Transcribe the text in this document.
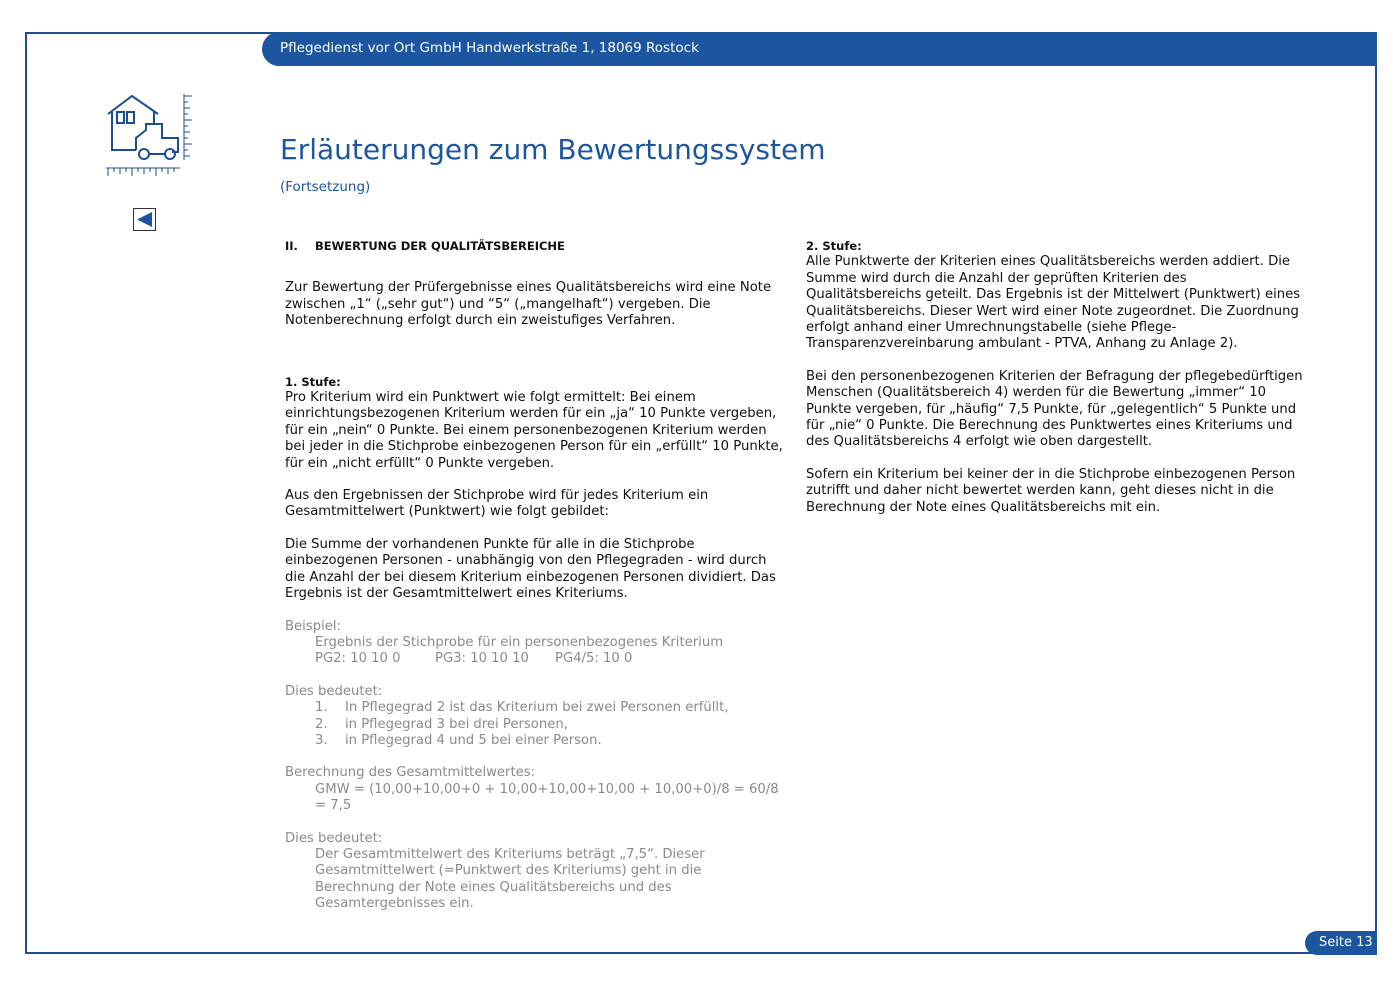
Pflegedienst vor Ort GmbH Handwerkstraße 1, 18069 Rostock
Erläuterungen zum Bewertungssystem
(Fortsetzung)

II. BEWERTUNG DER QUALITÄTSBEREICHE

Zur Bewertung der Prüfergebnisse eines Qualitätsbereichs wird eine Note zwischen „1“ („sehr gut“) und “5“ („mangelhaft“) vergeben. Die Notenberechnung erfolgt durch ein zweistufiges Verfahren.

1. Stufe:

Pro Kriterium wird ein Punktwert wie folgt ermittelt: Bei einem einrichtungsbezogenen Kriterium werden für ein „ja“ 10 Punkte vergeben, für ein „nein“ 0 Punkte. Bei einem personenbezogenen Kriterium werden bei jeder in die Stichprobe einbezogenen Person für ein „erfüllt“ 10 Punkte, für ein „nicht erfüllt“ 0 Punkte vergeben.

Aus den Ergebnissen der Stichprobe wird für jedes Kriterium ein Gesamtmittelwert (Punktwert) wie folgt gebildet:

Die Summe der vorhandenen Punkte für alle in die Stichprobe einbezogenen Personen - unabhängig von den Pflegegraden - wird durch die Anzahl der bei diesem Kriterium einbezogenen Personen dividiert. Das Ergebnis ist der Gesamtmittelwert eines Kriteriums.

Beispiel:

Ergebnis der Stichprobe für ein personenbezogenes Kriterium

PG2: 10 10 0	PG3: 10 10 10 PG4/5: 10 0

Dies bedeutet:

1. In Pflegegrad 2 ist das Kriterium bei zwei Personen erfüllt,
2. in Pflegegrad 3 bei drei Personen,
3. in Pflegegrad 4 und 5 bei einer Person.

Berechnung des Gesamtmittelwertes:

GMW = (10,00+10,00+0 + 10,00+10,00+10,00 + 10,00+0)/8 = 60/8 = 7,5

Dies bedeutet:

Der Gesamtmittelwert des Kriteriums beträgt „7,5“. Dieser Gesamtmittelwert (=Punktwert des Kriteriums) geht in die Berechnung der Note eines Qualitätsbereichs und des Gesamtergebnisses ein.

2. Stufe:

Alle Punktwerte der Kriterien eines Qualitätsbereichs werden addiert. Die Summe wird durch die Anzahl der geprüften Kriterien des Qualitätsbereichs geteilt. Das Ergebnis ist der Mittelwert (Punktwert) eines Qualitätsbereichs. Dieser Wert wird einer Note zugeordnet. Die Zuordnung erfolgt anhand einer Umrechnungstabelle (siehe Pflege-Transparenzvereinbarung ambulant - PTVA, Anhang zu Anlage 2).

Bei den personenbezogenen Kriterien der Befragung der pflegebedürftigen Menschen (Qualitätsbereich 4) werden für die Bewertung „immer“ 10 Punkte vergeben, für „häufig“ 7,5 Punkte, für „gelegentlich“ 5 Punkte und für „nie“ 0 Punkte. Die Berechnung des Punktwertes eines Kriteriums und des Qualitätsbereichs 4 erfolgt wie oben dargestellt.

Sofern ein Kriterium bei keiner der in die Stichprobe einbezogenen Person zutrifft und daher nicht bewertet werden kann, geht dieses nicht in die Berechnung der Note eines Qualitätsbereichs mit ein.

Seite 13
